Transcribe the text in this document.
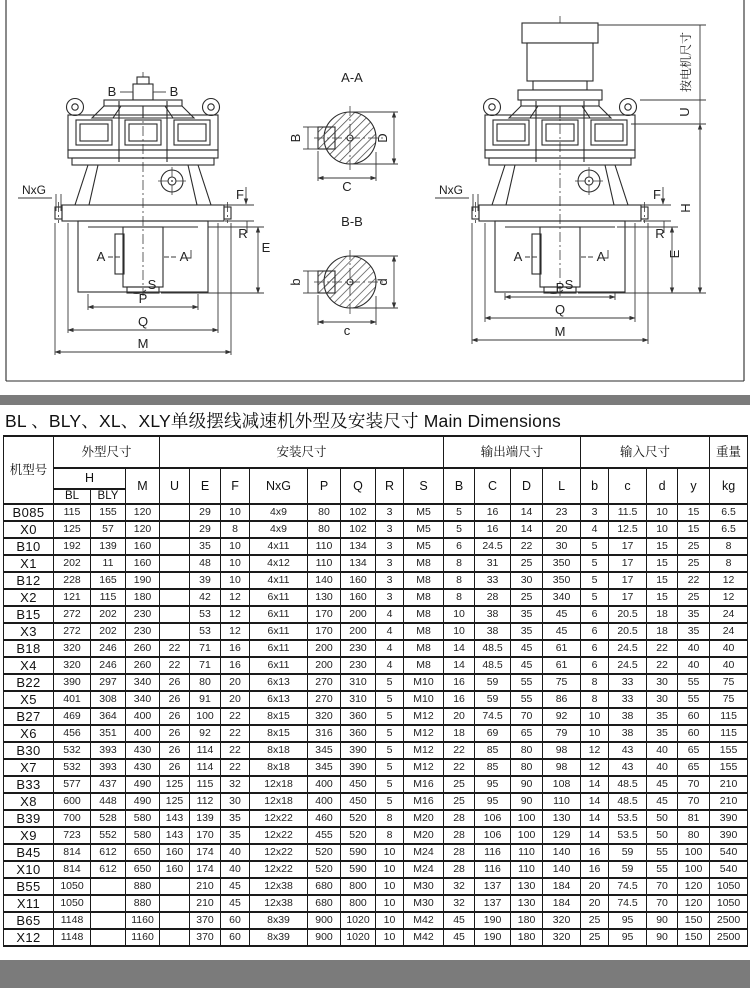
B	B
A	A
S
F
R
E
NxG
P
Q
M
A-A
B	D
C
B-B
b	d
c
A	A
S
NxG	F
R
E
按电机尺寸
U
H
P
Q
M
BL 、BLY、XL、XLY单级摆线减速机外型及安装尺寸 Main Dimensions
机型号	外型尺寸			安装尺寸								输出端尺寸				输入尺寸				重量
	H		M	U	E	F	NxG	P	Q	R	S	B	C	D	L	b	c	d	y	kg
	BL	BLY																		
B085	115	155	120		29	10	4x9	80	102	3	M5	5	16	14	23	3	11.5	10	15	6.5
X0	125	57	120		29	8	4x9	80	102	3	M5	5	16	14	20	4	12.5	10	15	6.5
B10	192	139	160		35	10	4x11	110	134	3	M5	6	24.5	22	30	5	17	15	25	8
X1	202	11	160		48	10	4x12	110	134	3	M8	8	31	25	350	5	17	15	25	8
B12	228	165	190		39	10	4x11	140	160	3	M8	8	33	30	350	5	17	15	22	12
X2	121	115	180		42	12	6x11	130	160	3	M8	8	28	25	340	5	17	15	25	12
B15	272	202	230		53	12	6x11	170	200	4	M8	10	38	35	45	6	20.5	18	35	24
X3	272	202	230		53	12	6x11	170	200	4	M8	10	38	35	45	6	20.5	18	35	24
B18	320	246	260	22	71	16	6x11	200	230	4	M8	14	48.5	45	61	6	24.5	22	40	40
X4	320	246	260	22	71	16	6x11	200	230	4	M8	14	48.5	45	61	6	24.5	22	40	40
B22	390	297	340	26	80	20	6x13	270	310	5	M10	16	59	55	75	8	33	30	55	75
X5	401	308	340	26	91	20	6x13	270	310	5	M10	16	59	55	86	8	33	30	55	75
B27	469	364	400	26	100	22	8x15	320	360	5	M12	20	74.5	70	92	10	38	35	60	115
X6	456	351	400	26	92	22	8x15	316	360	5	M12	18	69	65	79	10	38	35	60	115
B30	532	393	430	26	114	22	8x18	345	390	5	M12	22	85	80	98	12	43	40	65	155
X7	532	393	430	26	114	22	8x18	345	390	5	M12	22	85	80	98	12	43	40	65	155
B33	577	437	490	125	115	32	12x18	400	450	5	M16	25	95	90	108	14	48.5	45	70	210
X8	600	448	490	125	112	30	12x18	400	450	5	M16	25	95	90	110	14	48.5	45	70	210
B39	700	528	580	143	139	35	12x22	460	520	8	M20	28	106	100	130	14	53.5	50	81	390
X9	723	552	580	143	170	35	12x22	455	520	8	M20	28	106	100	129	14	53.5	50	80	390
B45	814	612	650	160	174	40	12x22	520	590	10	M24	28	116	110	140	16	59	55	100	540
X10	814	612	650	160	174	40	12x22	520	590	10	M24	28	116	110	140	16	59	55	100	540
B55	1050		880		210	45	12x38	680	800	10	M30	32	137	130	184	20	74.5	70	120	1050
X11	1050		880		210	45	12x38	680	800	10	M30	32	137	130	184	20	74.5	70	120	1050
B65	1148		1160		370	60	8x39	900	1020	10	M42	45	190	180	320	25	95	90	150	2500
X12	1148		1160		370	60	8x39	900	1020	10	M42	45	190	180	320	25	95	90	150	2500
